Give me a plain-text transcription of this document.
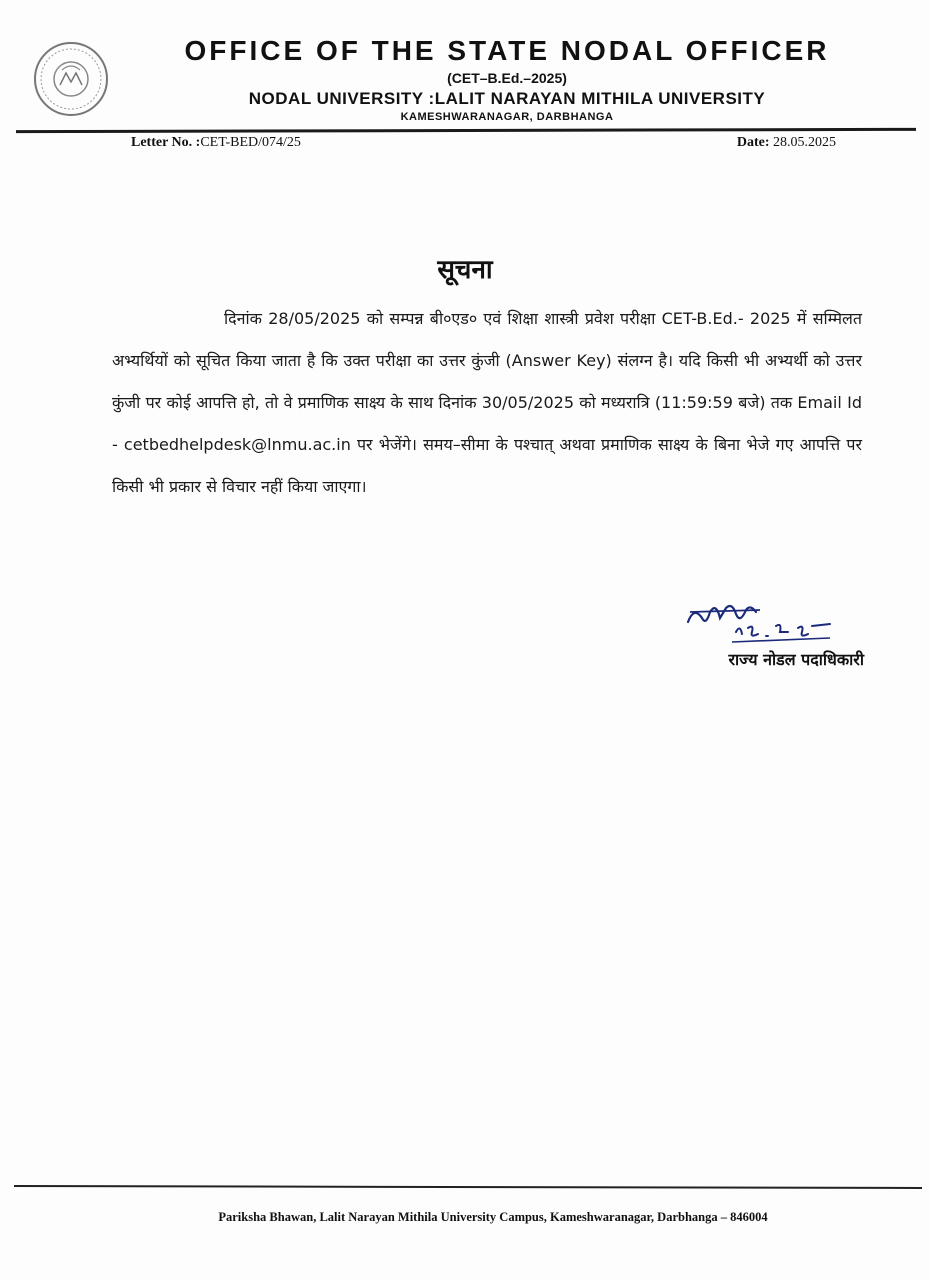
OFFICE OF THE STATE NODAL OFFICER

(CET–B.Ed.–2025)

NODAL UNIVERSITY :LALIT NARAYAN MITHILA UNIVERSITY

KAMESHWARANAGAR, DARBHANGA

Letter No. :CET-BED/074/25	Date: 28.05.2025
सूचना

दिनांक 28/05/2025 को सम्पन्न बी०एड० एवं शिक्षा शास्त्री प्रवेश परीक्षा CET-B.Ed.- 2025 में सम्मिलत अभ्यर्थियों को सूचित किया जाता है कि उक्त परीक्षा का उत्तर कुंजी (Answer Key) संलग्न है। यदि किसी भी अभ्यर्थी को उत्तर कुंजी पर कोई आपत्ति हो, तो वे प्रमाणिक साक्ष्य के साथ दिनांक 30/05/2025 को मध्यरात्रि (11:59:59 बजे) तक Email Id - cetbedhelpdesk@lnmu.ac.in पर भेजेंगे। समय–सीमा के पश्चात् अथवा प्रमाणिक साक्ष्य के बिना भेजे गए आपत्ति पर किसी भी प्रकार से विचार नहीं किया जाएगा।

राज्य नोडल पदाधिकारी

Pariksha Bhawan, Lalit Narayan Mithila University Campus, Kameshwaranagar, Darbhanga – 846004
